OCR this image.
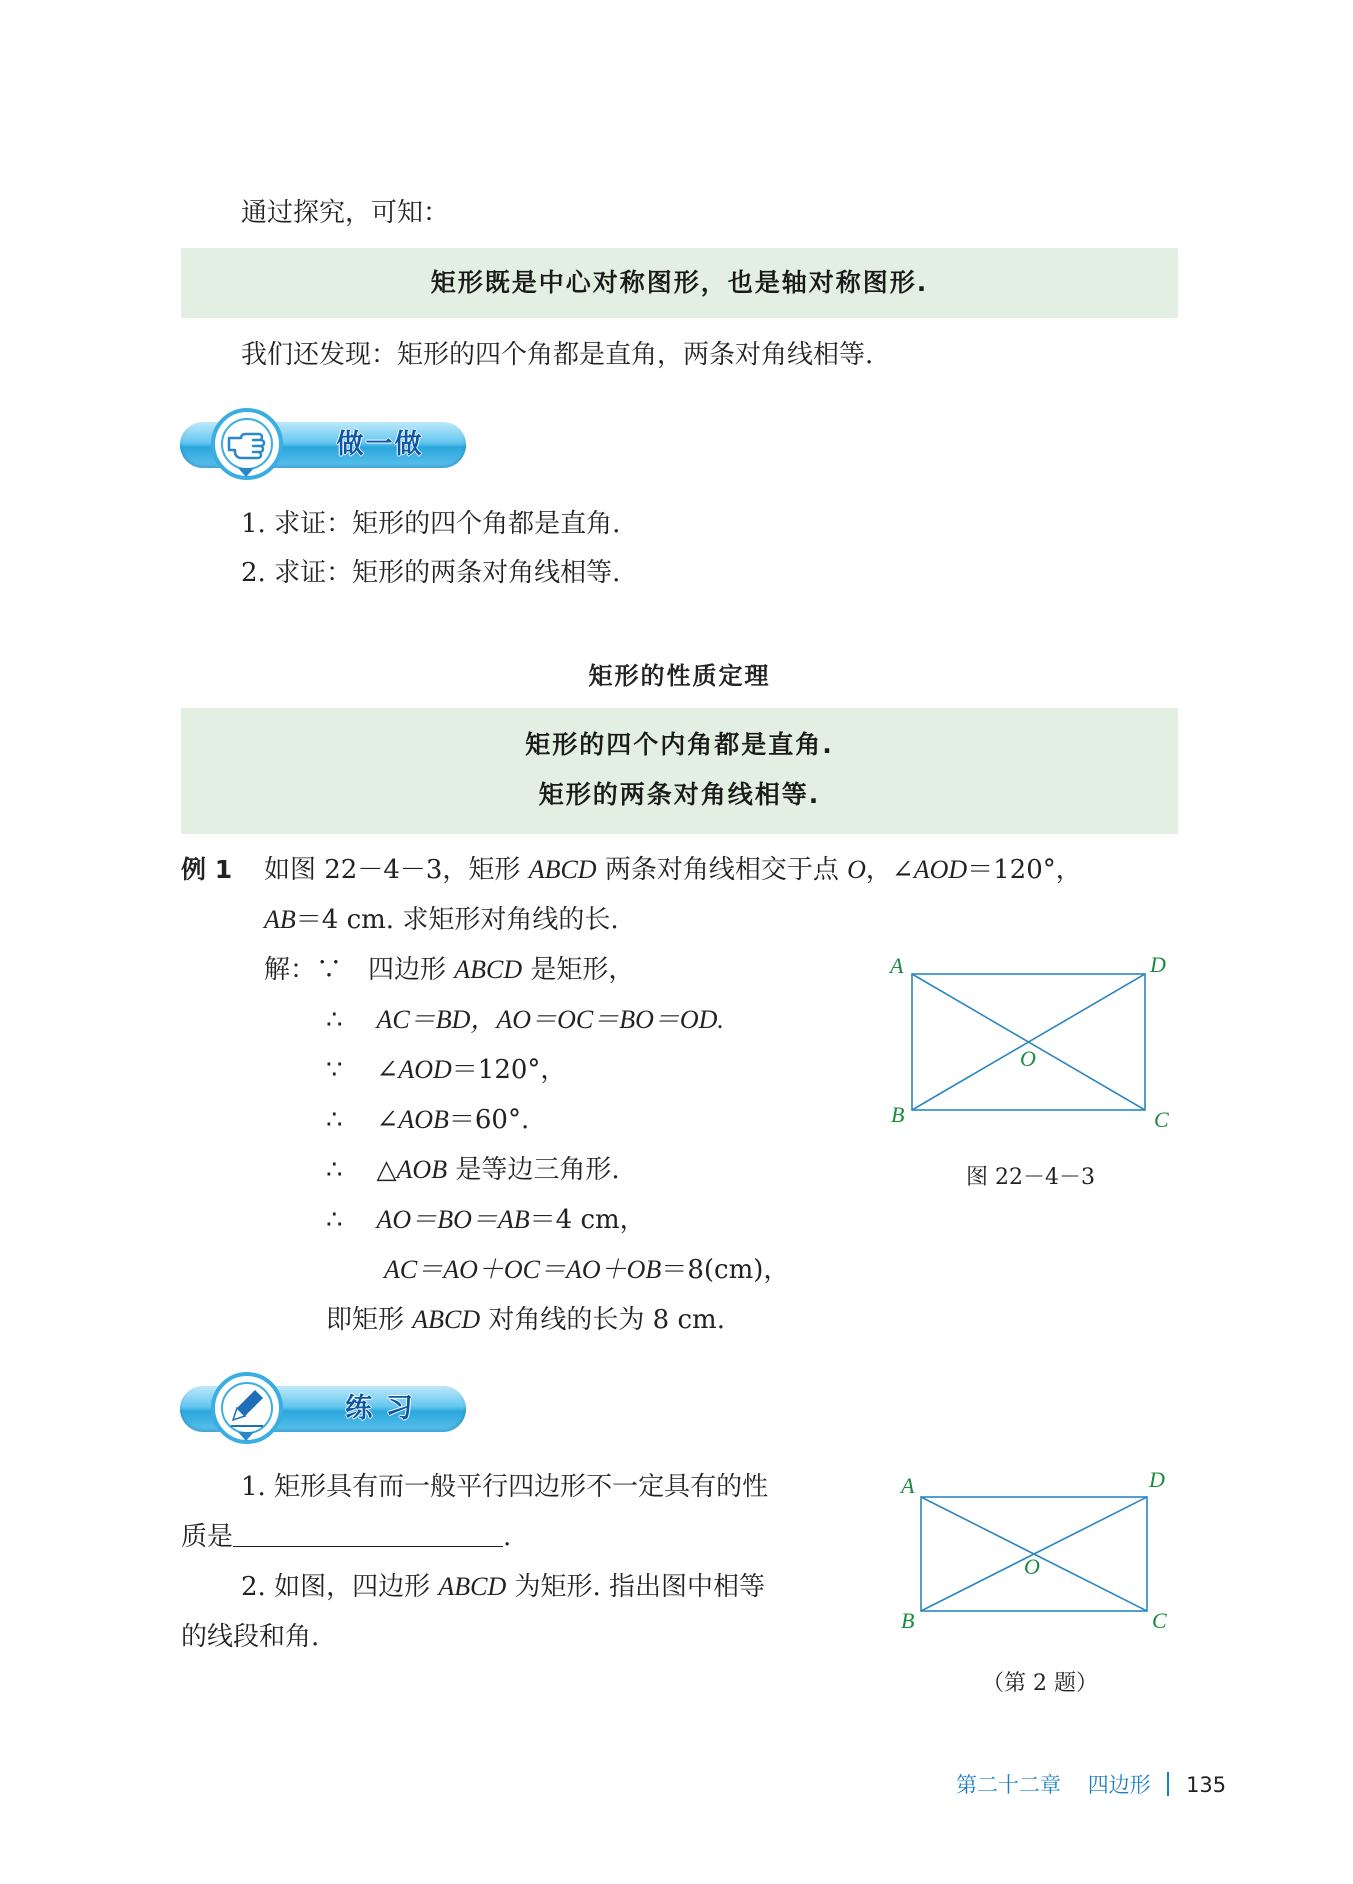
通过探究，可知：
矩形既是中心对称图形，也是轴对称图形.
我们还发现：矩形的四个角都是直角，两条对角线相等.
做一做
1. 求证：矩形的四个角都是直角.
2. 求证：矩形的两条对角线相等.
矩形的性质定理
矩形的四个内角都是直角.
矩形的两条对角线相等.
例 1 如图 22－4－3，矩形 ABCD 两条对角线相交于点 O，∠AOD＝120°，
AB＝4 cm. 求矩形对角线的长.
解：∵ 四边形 ABCD 是矩形，
∴ AC＝BD，AO＝OC＝BO＝OD.
∵ ∠AOD＝120°，
∴ ∠AOB＝60°.
∴ △AOB 是等边三角形.
∴ AO＝BO＝AB＝4 cm，
AC＝AO＋OC＝AO＋OB＝8(cm)，
即矩形 ABCD 对角线的长为 8 cm.
A	D
O
B	C
图 22－4－3
练 习
1. 矩形具有而一般平行四边形不一定具有的性
质是	.
2. 如图，四边形 ABCD 为矩形. 指出图中相等
的线段和角.
A	D
O
B	C
（第 2 题）
第二十二章 四边形 135
